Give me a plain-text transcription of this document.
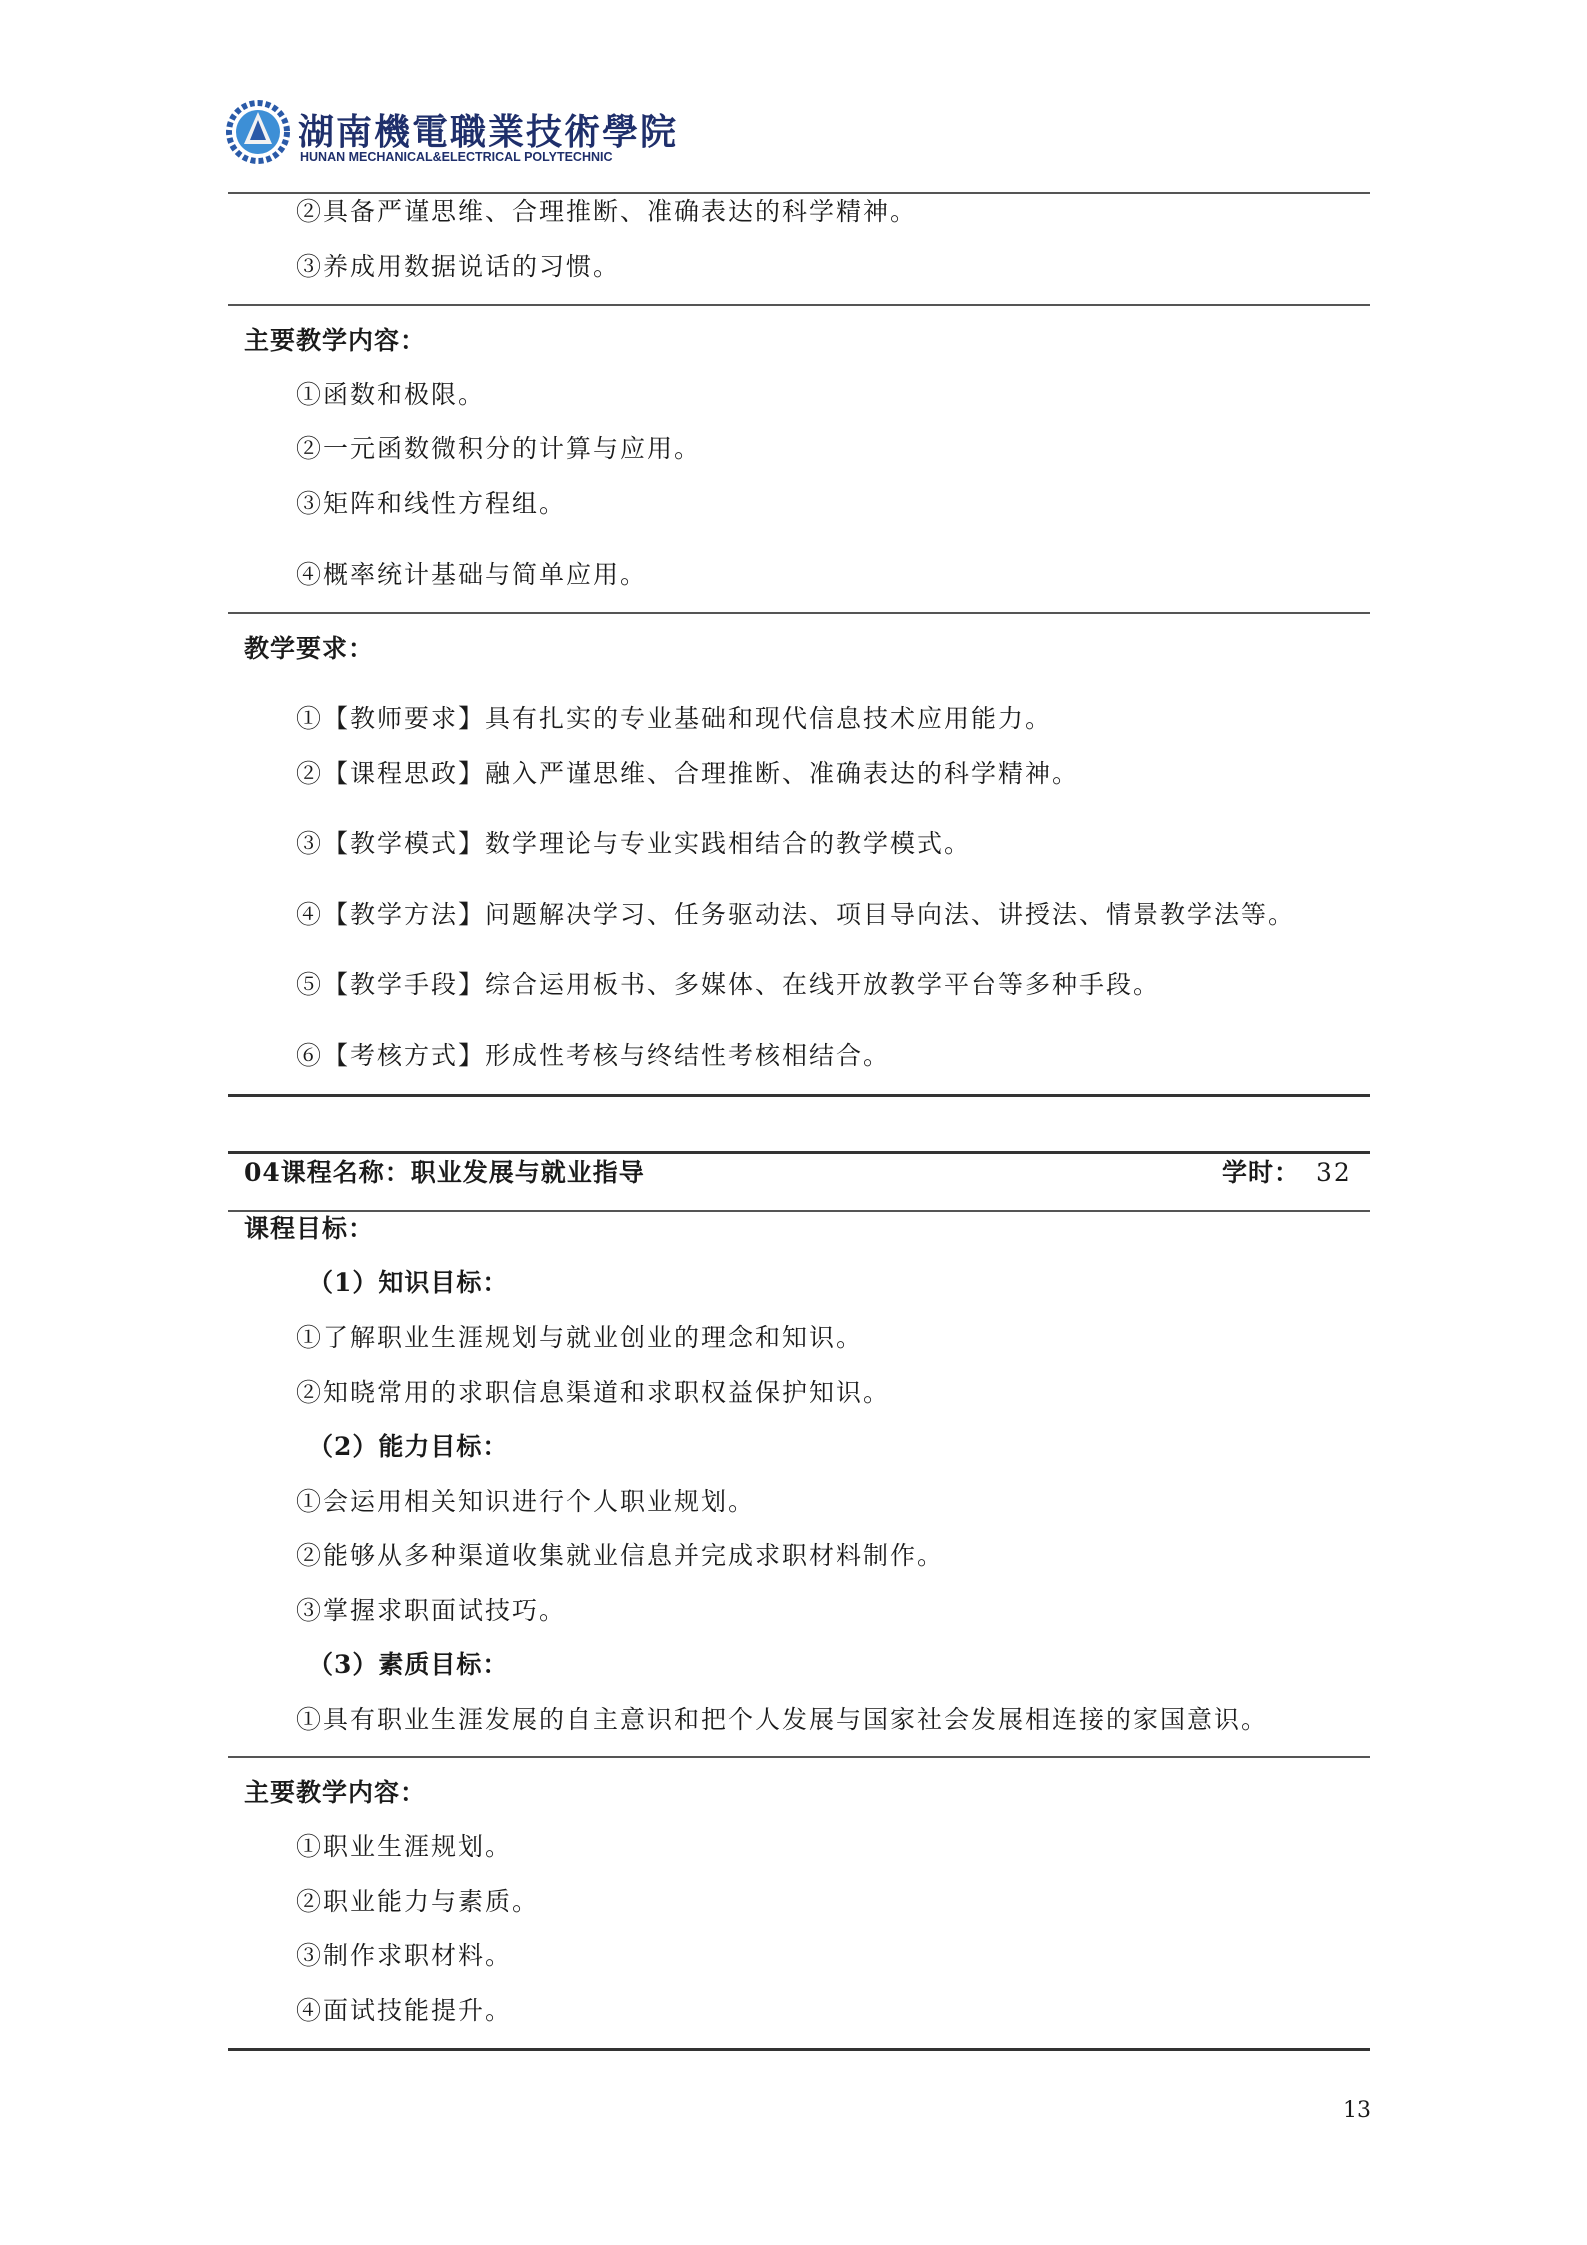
湖南機電職業技術學院
HUNAN MECHANICAL&ELECTRICAL POLYTECHNIC
②具备严谨思维、合理推断、准确表达的科学精神。
③养成用数据说话的习惯。
主要教学内容：
①函数和极限。
②一元函数微积分的计算与应用。
③矩阵和线性方程组。
④概率统计基础与简单应用。
教学要求：
①【教师要求】具有扎实的专业基础和现代信息技术应用能力。
②【课程思政】融入严谨思维、合理推断、准确表达的科学精神。
③【教学模式】数学理论与专业实践相结合的教学模式。
④【教学方法】问题解决学习、任务驱动法、项目导向法、讲授法、情景教学法等。
⑤【教学手段】综合运用板书、多媒体、在线开放教学平台等多种手段。
⑥【考核方式】形成性考核与终结性考核相结合。
04课程名称：职业发展与就业指导	学时： 32
课程目标：
（1）知识目标：
①了解职业生涯规划与就业创业的理念和知识。
②知晓常用的求职信息渠道和求职权益保护知识。
（2）能力目标：
①会运用相关知识进行个人职业规划。
②能够从多种渠道收集就业信息并完成求职材料制作。
③掌握求职面试技巧。
（3）素质目标：
①具有职业生涯发展的自主意识和把个人发展与国家社会发展相连接的家国意识。
主要教学内容：
①职业生涯规划。
②职业能力与素质。
③制作求职材料。
④面试技能提升。
13
